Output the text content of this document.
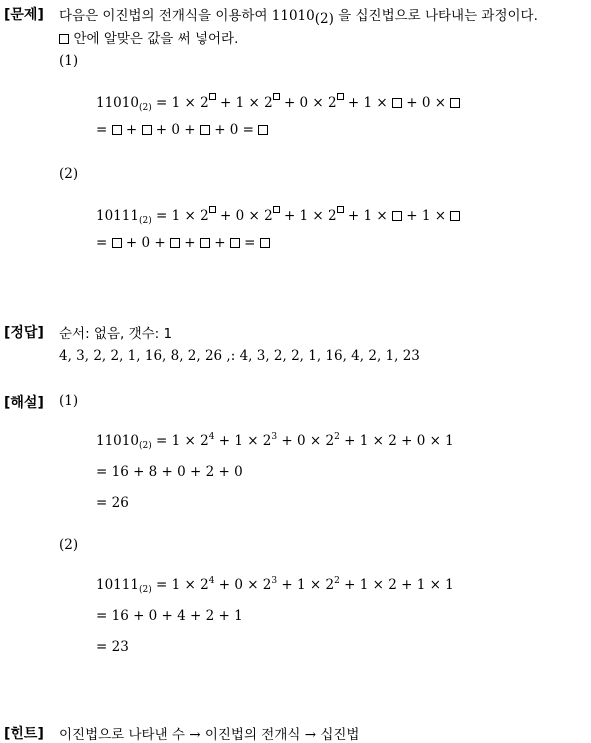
[문제] 다음은 이진법의 전개식을 이용하여 $11010_{(2)}$ 을 십진법으로 나타내는 과정이다.
안에 알맞은 값을 써 넣어라.
(1)
$11010_{(2)} = 1 \times 2 + 1 \times 2 + 0 \times 2 + 1$ ×  + 0 ×
=  +  + 0 +  + 0 =
(2)
$10111_{(2)} = 1 \times 2 + 0 \times 2 + 1 \times 2 + 1$ ×  + 1 ×
=  + 0 +  +  +  =
[정답] 순서: 없음, 갯수: 1
4, 3, 2, 2, 1, 16, 8, 2, 26 ,: 4, 3, 2, 2, 1, 16, 4, 2, 1, 23
[해설] (1)
$11010_{(2)} = 1 \times 2^4 + 1 \times 2^3 + 0 \times 2^2 + 1 \times 2 + 0 \times 1$
= 16 + 8 + 0 + 2 + 0
= 26
(2)
$10111_{(2)} = 1 \times 2^4 + 0 \times 2^3 + 1 \times 2^2 + 1 \times 2 + 1 \times 1$
= 16 + 0 + 4 + 2 + 1
= 23
[힌트] 이진법으로 나타낸 수 → 이진법의 전개식 → 십진법
